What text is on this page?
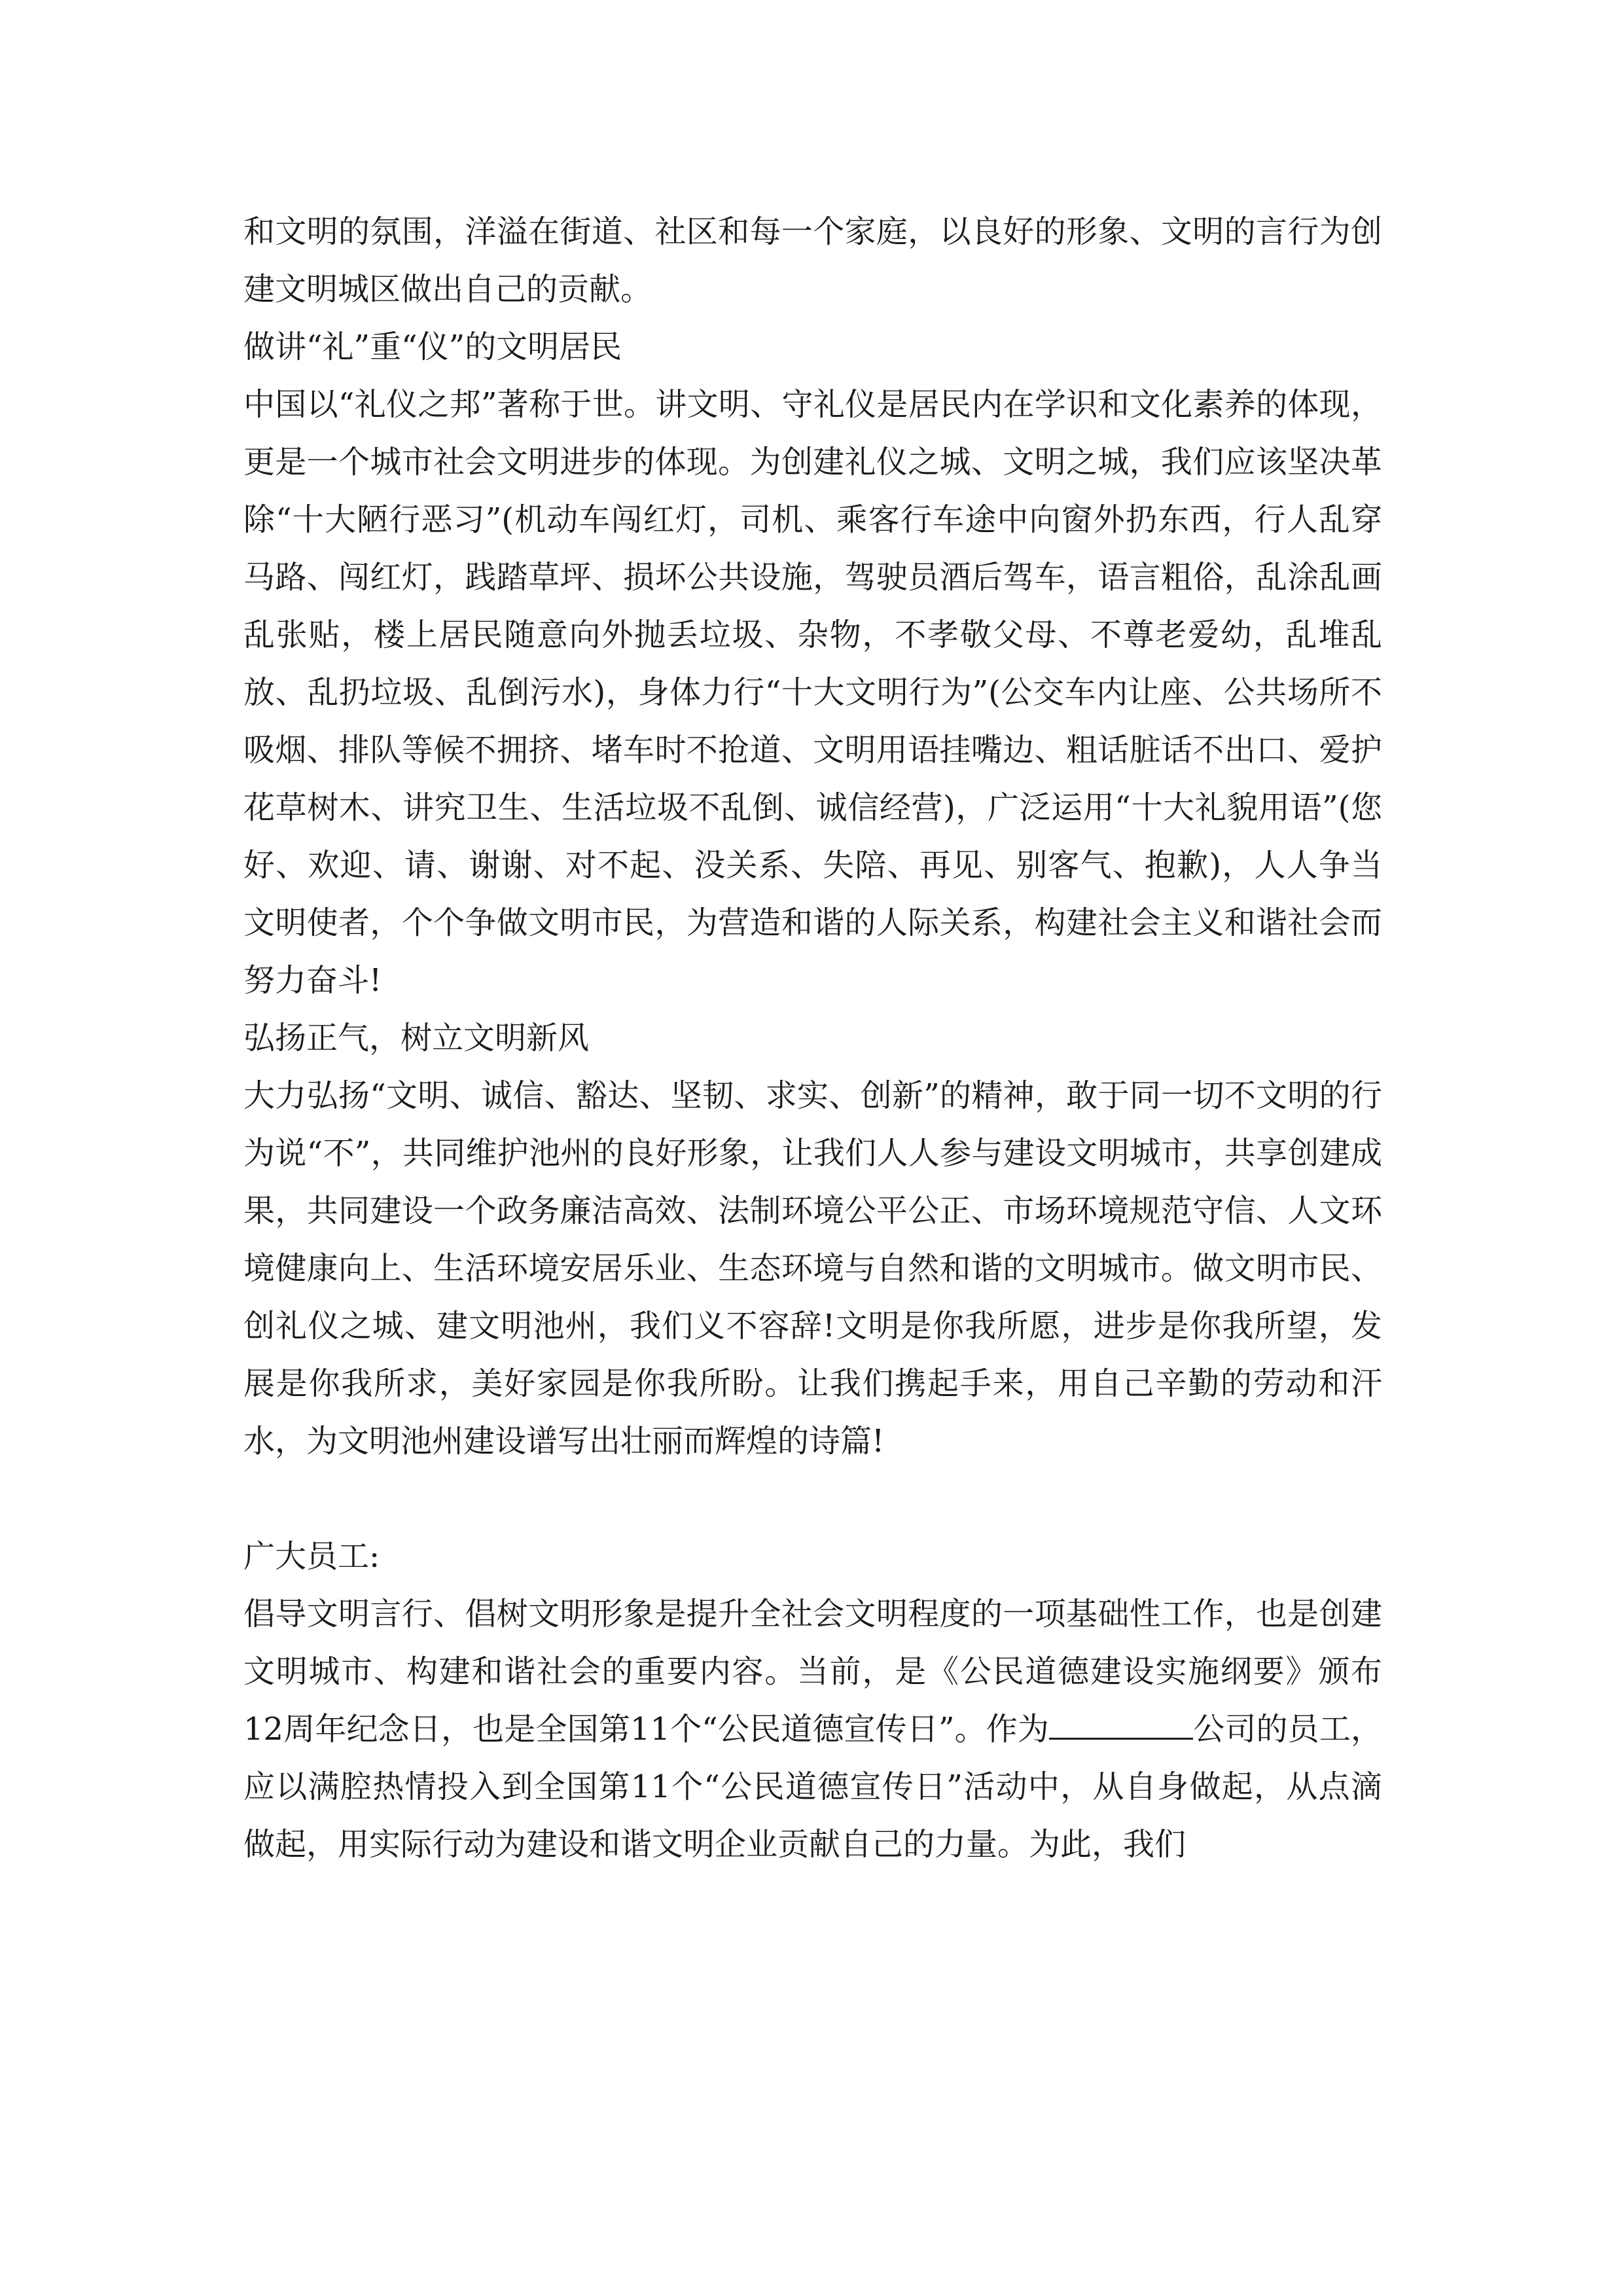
和文明的氛围，洋溢在街道、社区和每一个家庭，以良好的形象、文明的言行为创建文明城区做出自己的贡献。

做讲“礼”重“仪”的文明居民

中国以“礼仪之邦”著称于世。讲文明、守礼仪是居民内在学识和文化素养的体现，更是一个城市社会文明进步的体现。为创建礼仪之城、文明之城，我们应该坚决革除“十大陋行恶习”(机动车闯红灯，司机、乘客行车途中向窗外扔东西，行人乱穿马路、闯红灯，践踏草坪、损坏公共设施，驾驶员酒后驾车，语言粗俗，乱涂乱画乱张贴，楼上居民随意向外抛丢垃圾、杂物，不孝敬父母、不尊老爱幼，乱堆乱放、乱扔垃圾、乱倒污水)，身体力行“十大文明行为”(公交车内让座、公共场所不吸烟、排队等候不拥挤、堵车时不抢道、文明用语挂嘴边、粗话脏话不出口、爱护花草树木、讲究卫生、生活垃圾不乱倒、诚信经营)，广泛运用“十大礼貌用语”(您好、欢迎、请、谢谢、对不起、没关系、失陪、再见、别客气、抱歉)，人人争当文明使者，个个争做文明市民，为营造和谐的人际关系，构建社会主义和谐社会而努力奋斗!

弘扬正气，树立文明新风

大力弘扬“文明、诚信、豁达、坚韧、求实、创新”的精神，敢于同一切不文明的行为说“不”，共同维护池州的良好形象，让我们人人参与建设文明城市，共享创建成果，共同建设一个政务廉洁高效、法制环境公平公正、市场环境规范守信、人文环境健康向上、生活环境安居乐业、生态环境与自然和谐的文明城市。做文明市民、创礼仪之城、建文明池州，我们义不容辞!文明是你我所愿，进步是你我所望，发展是你我所求，美好家园是你我所盼。让我们携起手来，用自己辛勤的劳动和汗水，为文明池州建设谱写出壮丽而辉煌的诗篇!

广大员工:

倡导文明言行、倡树文明形象是提升全社会文明程度的一项基础性工作，也是创建文明城市、构建和谐社会的重要内容。当前，是《公民道德建设实施纲要》颁布12周年纪念日，也是全国第11个“公民道德宣传日”。作为	公司的员工，应以满腔热情投入到全国第11个“公民道德宣传日”活动中，从自身做起，从点滴做起，用实际行动为建设和谐文明企业贡献自己的力量。为此，我们
